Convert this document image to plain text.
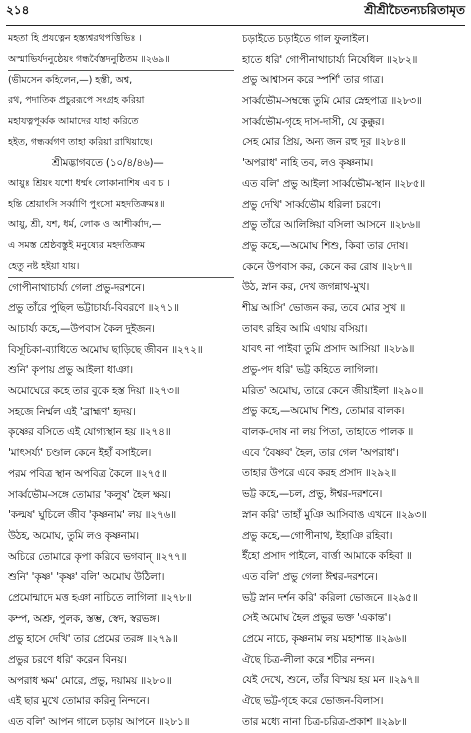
২১৪	শ্রীশ্রীচৈতন্যচরিতামৃত
মহতা হি প্রযত্নেন হস্ত্যশ্বরথপত্তিভিঃ ।
অস্মাভির্যদনুষ্ঠেয়ং গন্ধর্বৈস্তদনুষ্ঠিতম ॥২৬৯॥
(ভীমসেন কহিলেন,—) হস্তী, অশ্ব,
রথ, পদাতিক প্রচুররূপে সংগ্রহ করিয়া
মহাযত্নপূর্ব্বক আমাদের যাহা করিতে
হইত, গন্ধর্ব্বগণ তাহা করিয়া রাখিয়াছে।
শ্রীমদ্ভাগবতে (১০/৪/৪৬)—
আয়ুঃ শ্রিয়ং যশো ধর্ম্মং লোকানাশিষ এব চ ।
হন্তি শ্রেয়াংসি সর্ব্বাণি পুংসো মহদতিক্রমঃ॥
আয়ু, শ্রী, যশ, ধর্ম, লোক ও আশীর্ব্বাদ,—
এ সমস্ত শ্রেষ্ঠবস্তুই মনুষ্যের মহদতিক্রম
হেতু নষ্ট হইয়া যায়।
গোপীনাথাচার্য্য গেলা প্রভু-দরশনে।
প্রভু তাঁরে পুছিল ভট্টাচার্য্য-বিবরণে ॥২৭১॥
আচার্য্য কহে,—উপবাস কৈল দুইজন।
বিসূচিকা-ব্যাধিতে অমোঘ ছাড়িছে জীবন ॥২৭২॥
শুনি' কৃপায় প্রভু আইলা ধাঞা।
অমোঘেরে কহে তার বুকে হস্ত দিয়া ॥২৭৩॥
সহজে নির্ম্মল এই 'ব্রাহ্মণ' হৃদয়।
কৃষ্ণের বসিতে এই যোগ্যস্থান হয় ॥২৭৪॥
'মাৎসর্য্য' চণ্ডাল কেনে ইহাঁ বসাইলে।
পরম পবিত্র স্থান অপবিত্র কৈলে ॥২৭৫॥
সার্ব্বভৌম-সঙ্গে তোমার 'কলুষ' হৈল ক্ষয়।
'কল্মষ' ঘুচিলে জীব 'কৃষ্ণনাম' লয় ॥২৭৬॥
উঠহ, অমোঘ, তুমি লও কৃষ্ণনাম।
অচিরে তোমারে কৃপা করিবে ভগবান্ ॥২৭৭॥
শুনি' 'কৃষ্ণ' 'কৃষ্ণ' বলি' অমোঘ উঠিলা।
প্রেমোন্মাদে মত্ত হঞা নাচিতে লাগিলা ॥২৭৮॥
কম্প, অশ্রু, পুলক, স্তম্ভ, স্বেদ, স্বরভঙ্গ।
প্রভু হাসে দেখি' তার প্রেমের তরঙ্গ ॥২৭৯॥
প্রভুর চরণে ধরি' করেন বিনয়।
অপরাধ ক্ষম' মোরে, প্রভু, দয়াময় ॥২৮০॥
এই ছার মুখে তোমার করিনু নিন্দনে।
এত বলি' আপন গালে চড়ায় আপনে ॥২৮১॥
চড়াইতে চড়াইতে গাল ফুলাইল।
হাতে ধরি' গোপীনাথাচার্য্য নিষেধিল ॥২৮২॥
প্রভু আশ্বাসন করে স্পর্শি' তার গাত্র।
সার্ব্বভৌম-সম্বন্ধে তুমি মোর স্নেহপাত্র ॥২৮৩॥
সার্ব্বভৌম-গৃহে দাস-দাসী, যে কুক্কুর।
সেহ মোর প্রিয়, অন্য জন রহু দূর ॥২৮৪॥
'অপরাধ' নাহি তব, লও কৃষ্ণনাম।
এত বলি' প্রভু আইলা সার্ব্বভৌম-স্থান ॥২৮৫॥
প্রভু দেখি' সার্ব্বভৌম ধরিলা চরণে।
প্রভু তাঁরে আলিঙ্গিয়া বসিলা আসনে ॥২৮৬॥
প্রভু কহে,—অমোঘ শিশু, কিবা তার দোষ।
কেনে উপবাস কর, কেনে কর রোষ ॥২৮৭॥
উঠ, স্নান কর, দেখ জগন্নাথ-মুখ।
শীঘ্র আসি' ভোজন কর, তবে মোর সুখ ॥
তাবৎ রহিব আমি এথায় বসিয়া।
যাবৎ না পাইবা তুমি প্রসাদ আসিয়া ॥২৮৯॥
প্রভু-পদ ধরি' ভট্ট কহিতে লাগিলা।
মরিত' অমোঘ, তারে কেনে জীয়াইলা ॥২৯০॥
প্রভু কহে,—অমোঘ শিশু, তোমার বালক।
বালক-দোষ না লয় পিতা, তাহাতে পালক ॥
এবে 'বৈষ্ণব' হৈল, তার গেল 'অপরাধ'।
তাহার উপরে এবে করহ প্রসাদ ॥২৯২॥
ভট্ট কহে,—চল, প্রভু, ঈশ্বর-দরশনে।
স্নান করি' তাহাঁ মুঞি আসিবাঙ এখনে ॥২৯৩॥
প্রভু কহে,—গোপীনাথ, ইহাঞি রহিবা।
ইঁহো প্রসাদ পাইলে, বার্ত্তা আমাকে কহিবা ॥
এত বলি' প্রভু গেলা ঈশ্বর-দরশনে।
ভট্ট স্নান দর্শন করি' করিলা ভোজনে ॥২৯৫॥
সেই অমোঘ হৈল প্রভুর ভক্ত 'একান্ত'।
প্রেমে নাচে, কৃষ্ণনাম লয় মহাশান্ত ॥২৯৬॥
ঐছে চিত্র-লীলা করে শচীর নন্দন।
যেই দেখে, শুনে, তাঁর বিস্ময় হয় মন ॥২৯৭॥
ঐছে ভট্ট-গৃহে করে ভোজন-বিলাস।
তার মধ্যে নানা চিত্র-চরিত্র-প্রকাশ ॥২৯৮॥
